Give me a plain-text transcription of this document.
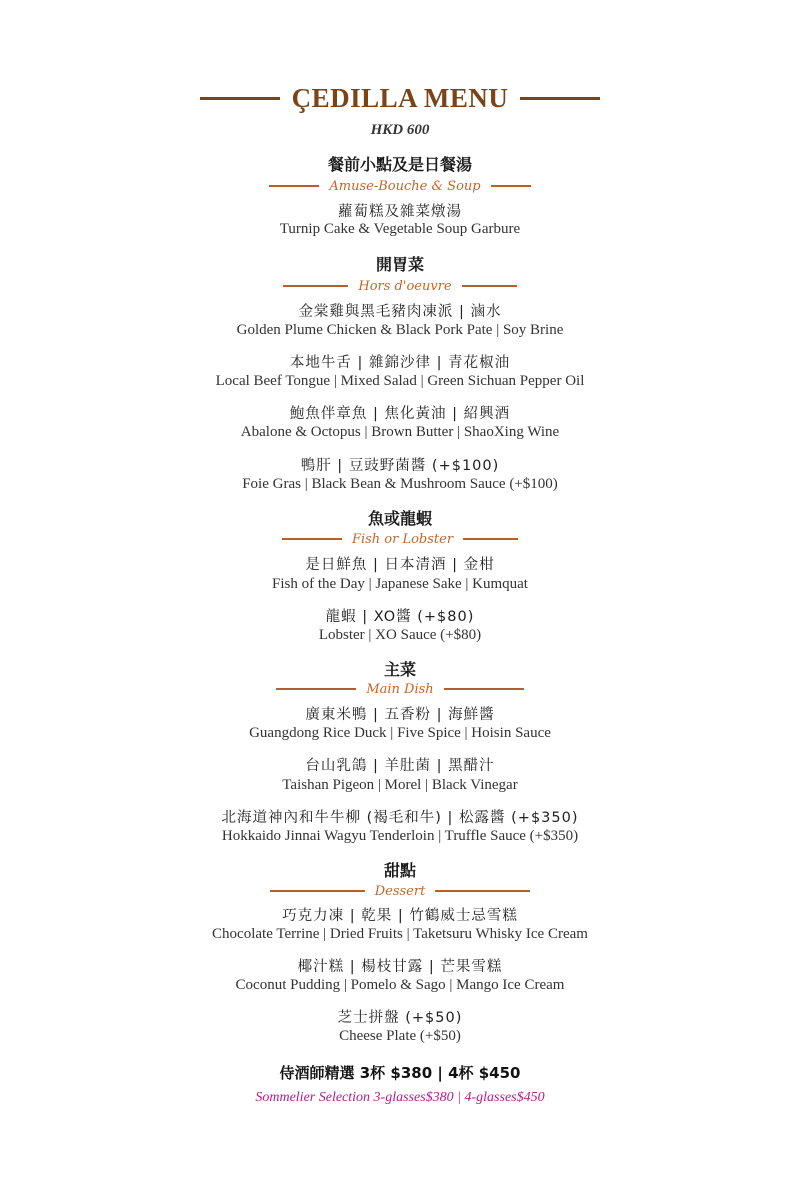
ÇEDILLA MENU
HKD 600
餐前小點及是日餐湯
Amuse-Bouche & Soup
蘿蔔糕及雜菜燉湯
Turnip Cake & Vegetable Soup Garbure
開胃菜
Hors d'oeuvre
金棠雞與黑毛豬肉凍派 | 滷水
Golden Plume Chicken & Black Pork Pate | Soy Brine
本地牛舌 | 雜錦沙律 | 青花椒油
Local Beef Tongue | Mixed Salad | Green Sichuan Pepper Oil
鮑魚伴章魚 | 焦化黃油 | 紹興酒
Abalone & Octopus | Brown Butter | ShaoXing Wine
鴨肝 | 豆豉野菌醬 (+$100)
Foie Gras | Black Bean & Mushroom Sauce (+$100)
魚或龍蝦
Fish or Lobster
是日鮮魚 | 日本清酒 | 金柑
Fish of the Day | Japanese Sake | Kumquat
龍蝦 | XO醬 (+$80)
Lobster | XO Sauce (+$80)
主菜
Main Dish
廣東米鴨 | 五香粉 | 海鮮醬
Guangdong Rice Duck | Five Spice | Hoisin Sauce
台山乳鴿 | 羊肚菌 | 黑醋汁
Taishan Pigeon | Morel | Black Vinegar
北海道神內和牛牛柳 (褐毛和牛) | 松露醬 (+$350)
Hokkaido Jinnai Wagyu Tenderloin | Truffle Sauce (+$350)
甜點
Dessert
巧克力凍 | 乾果 | 竹鶴威士忌雪糕
Chocolate Terrine | Dried Fruits | Taketsuru Whisky Ice Cream
椰汁糕 | 楊枝甘露 | 芒果雪糕
Coconut Pudding | Pomelo & Sago | Mango Ice Cream
芝士拼盤 (+$50)
Cheese Plate (+$50)
侍酒師精選 3杯 $380 | 4杯 $450
Sommelier Selection 3-glasses$380 | 4-glasses$450
